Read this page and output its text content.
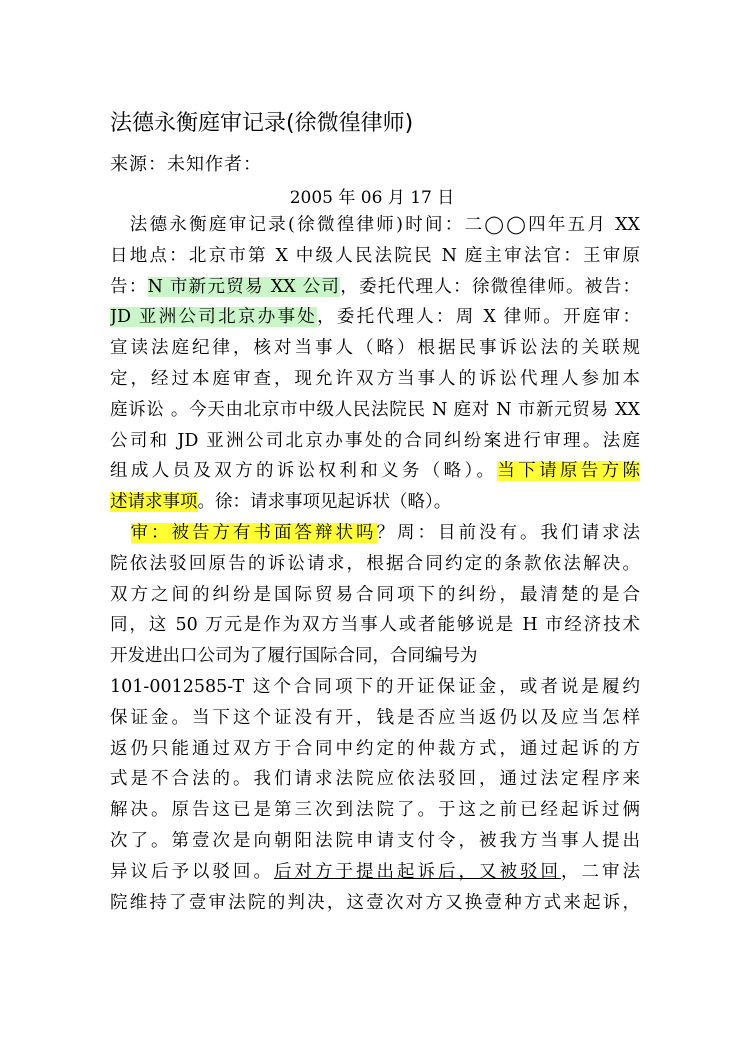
法德永衡庭审记录(徐微徨律师)
来源：未知作者：
2005 年 06 月 17 日
　法德永衡庭审记录(徐微徨律师)时间：二◯◯四年五月 XX
日地点：北京市第 X 中级人民法院民 N 庭主审法官：王审原
告：N 市新元贸易 XX 公司，委托代理人：徐微徨律师。被告：
JD 亚洲公司北京办事处，委托代理人：周 X 律师。开庭审：
宣读法庭纪律，核对当事人（略）根据民事诉讼法的关联规
定，经过本庭审查，现允许双方当事人的诉讼代理人参加本
庭诉讼 。今天由北京市中级人民法院民 N 庭对 N 市新元贸易 XX
公司和 JD 亚洲公司北京办事处的合同纠纷案进行审理。法庭
组成人员及双方的诉讼权利和义务（略）。当下请原告方陈
述请求事项。徐：请求事项见起诉状（略）。
　审：被告方有书面答辩状吗？周：目前没有。我们请求法
院依法驳回原告的诉讼请求，根据合同约定的条款依法解决。
双方之间的纠纷是国际贸易合同项下的纠纷，最清楚的是合
同，这 50 万元是作为双方当事人或者能够说是 H 市经济技术
开发进出口公司为了履行国际合同，合同编号为
101-0012585-T 这个合同项下的开证保证金，或者说是履约
保证金。当下这个证没有开，钱是否应当返仍以及应当怎样
返仍只能通过双方于合同中约定的仲裁方式，通过起诉的方
式是不合法的。我们请求法院应依法驳回，通过法定程序来
解决。原告这已是第三次到法院了。于这之前已经起诉过俩
次了。第壹次是向朝阳法院申请支付令，被我方当事人提出
异议后予以驳回。后对方于提出起诉后，又被驳回，二审法
院维持了壹审法院的判决，这壹次对方又换壹种方式来起诉，
